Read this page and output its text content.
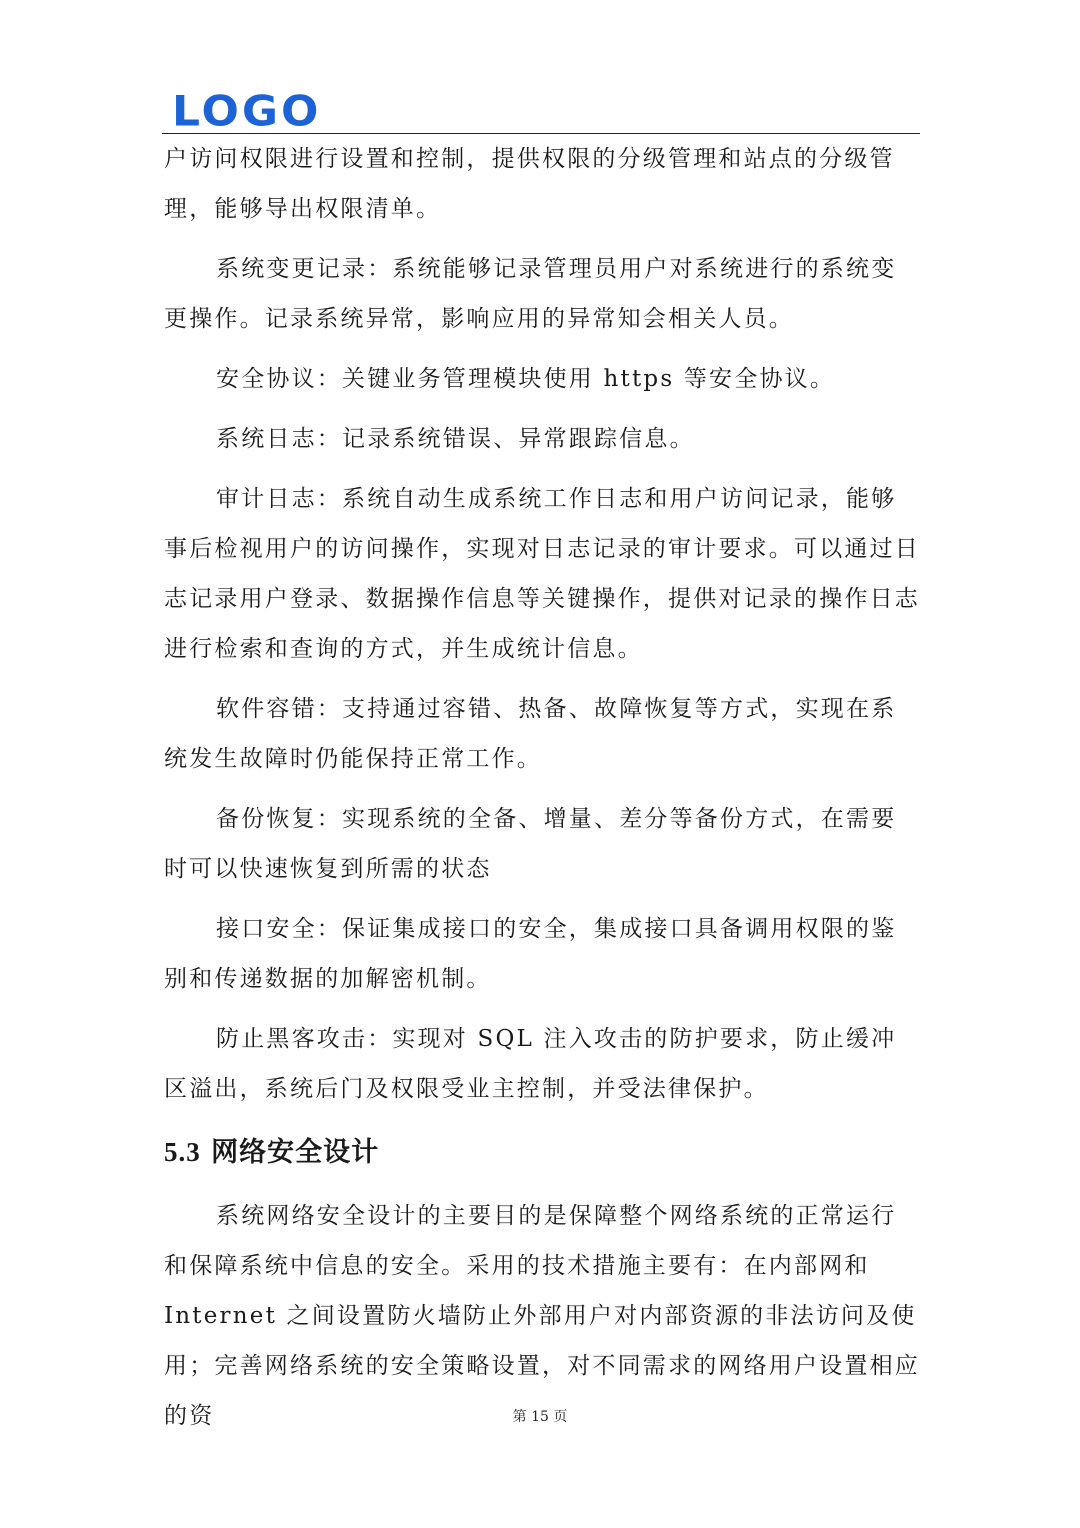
LOGO

户访问权限进行设置和控制，提供权限的分级管理和站点的分级管理，能够导出权限清单。

系统变更记录：系统能够记录管理员用户对系统进行的系统变更操作。记录系统异常，影响应用的异常知会相关人员。

安全协议：关键业务管理模块使用 https 等安全协议。

系统日志：记录系统错误、异常跟踪信息。

审计日志：系统自动生成系统工作日志和用户访问记录，能够事后检视用户的访问操作，实现对日志记录的审计要求。可以通过日志记录用户登录、数据操作信息等关键操作，提供对记录的操作日志进行检索和查询的方式，并生成统计信息。

软件容错：支持通过容错、热备、故障恢复等方式，实现在系统发生故障时仍能保持正常工作。

备份恢复：实现系统的全备、增量、差分等备份方式，在需要时可以快速恢复到所需的状态

接口安全：保证集成接口的安全，集成接口具备调用权限的鉴别和传递数据的加解密机制。

防止黑客攻击：实现对 SQL 注入攻击的防护要求，防止缓冲区溢出，系统后门及权限受业主控制，并受法律保护。

5.3 网络安全设计

系统网络安全设计的主要目的是保障整个网络系统的正常运行和保障系统中信息的安全。采用的技术措施主要有：在内部网和 Internet 之间设置防火墙防止外部用户对内部资源的非法访问及使用；完善网络系统的安全策略设置，对不同需求的网络用户设置相应的资	第 15 页
